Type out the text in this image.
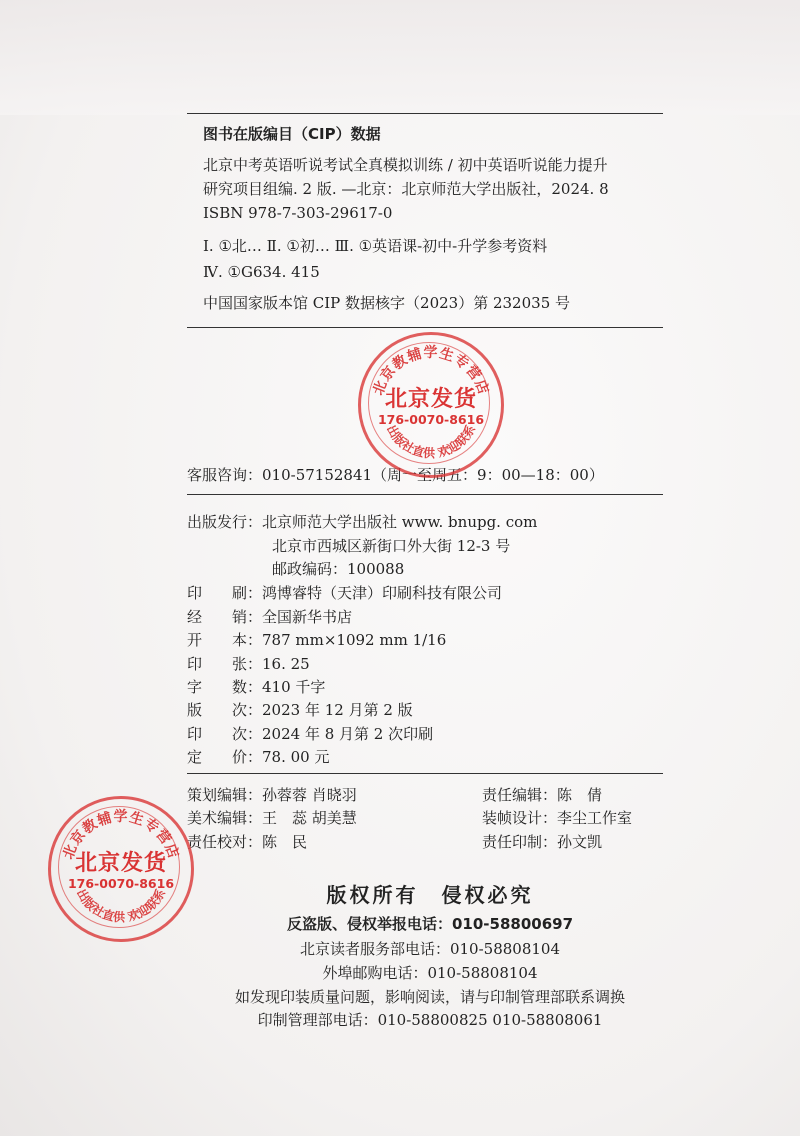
图书在版编目（CIP）数据
北京中考英语听说考试全真模拟训练 / 初中英语听说能力提升
研究项目组编. 2 版. —北京：北京师范大学出版社，2024. 8
ISBN 978-7-303-29617-0
Ⅰ. ①北… Ⅱ. ①初… Ⅲ. ①英语课-初中-升学参考资料
Ⅳ. ①G634. 415
中国国家版本馆 CIP 数据核字（2023）第 232035 号
客服咨询：010-57152841（周一至周五：9：00—18：00）
出版发行：北京师范大学出版社 www. bnupg. com
北京市西城区新街口外大街 12-3 号
邮政编码：100088
印　　刷：鸿博睿特（天津）印刷科技有限公司
经　　销：全国新华书店
开　　本：787 mm×1092 mm 1/16
印　　张：16. 25
字　　数：410 千字
版　　次：2023 年 12 月第 2 版
印　　次：2024 年 8 月第 2 次印刷
定　　价：78. 00 元
策划编辑：孙蓉蓉 肖晓羽
美术编辑：王　蕊 胡美慧
责任校对：陈　民
责任编辑：陈　倩
装帧设计：李尘工作室
责任印制：孙文凯
版权所有　侵权必究
反盗版、侵权举报电话：010-58800697
北京读者服务部电话：010-58808104
外埠邮购电话：010-58808104
如发现印装质量问题，影响阅读，请与印制管理部联系调换
印制管理部电话：010-58800825 010-58808061
北京教辅学生专营店
出版社直供 欢迎联系
北京发货
176-0070-8616
北京教辅学生专营店
出版社直供 欢迎联系
北京发货
176-0070-8616
